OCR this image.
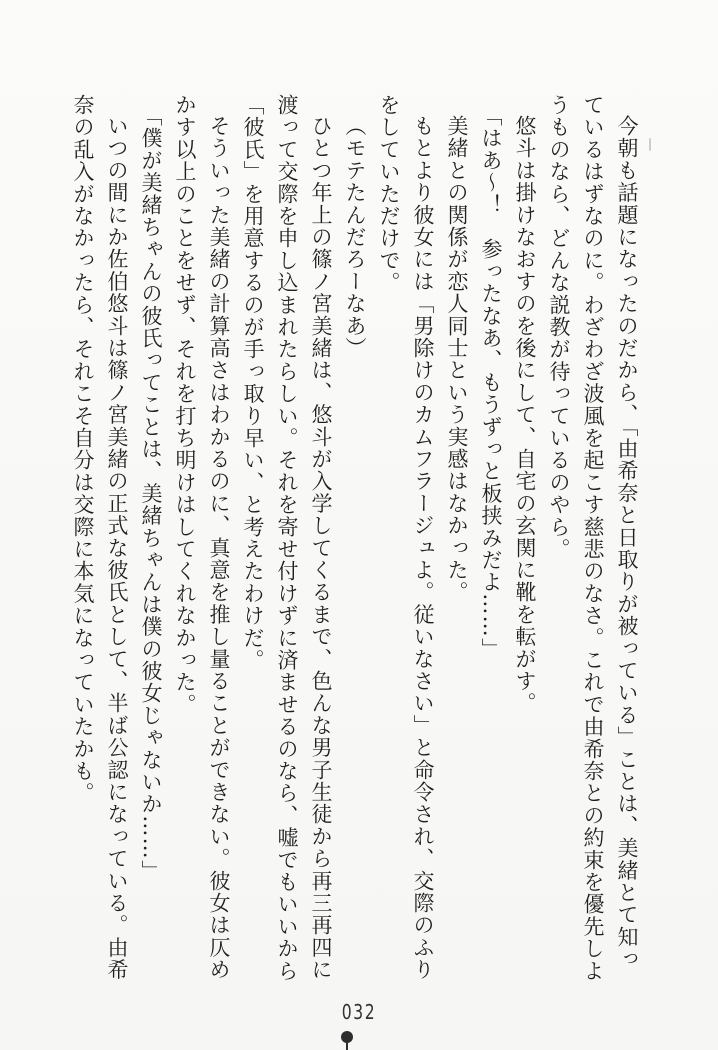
今朝も話題になったのだから、「由希奈と日取りが被っている」ことは、美緒とて知っ

ているはずなのに。わざわざ波風を起こす慈悲のなさ。これで由希奈との約束を優先しよ

うものなら、どんな説教が待っているのやら。

悠斗は掛けなおすのを後にして、自宅の玄関に靴を転がす。

「はあ～！　参ったなあ、もうずっと板挟みだよ……」

美緒との関係が恋人同士という実感はなかった。

もとより彼女には「男除けのカムフラージュよ。従いなさい」と命令され、交際のふり

をしていただけで。

（モテたんだろーなあ）

ひとつ年上の篠ノ宮美緒は、悠斗が入学してくるまで、色んな男子生徒から再三再四に

渡って交際を申し込まれたらしい。それを寄せ付けずに済ませるのなら、嘘でもいいから

「彼氏」を用意するのが手っ取り早い、と考えたわけだ。

そういった美緒の計算高さはわかるのに、真意を推し量ることができない。彼女は仄め

かす以上のことをせず、それを打ち明けはしてくれなかった。

「僕が美緒ちゃんの彼氏ってことは、美緒ちゃんは僕の彼女じゃないか……」

いつの間にか佐伯悠斗は篠ノ宮美緒の正式な彼氏として、半ば公認になっている。由希

奈の乱入がなかったら、それこそ自分は交際に本気になっていたかも。

032
